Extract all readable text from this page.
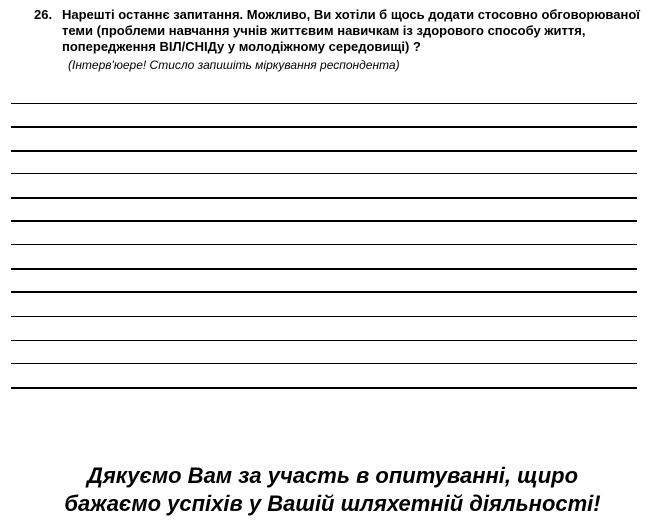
26. Нарешті останнє запитання. Можливо, Ви хотіли б щось додати стосовно обговорюваної теми (проблеми навчання учнів життєвим навичкам із здорового способу життя, попередження ВІЛ/СНІДу у молодіжному середовищі) ?
(Інтерв'юере! Стисло запишіть міркування респондента)
Дякуємо Вам за участь в опитуванні, щиро
бажаємо успіхів у Вашій шляхетній діяльності!
